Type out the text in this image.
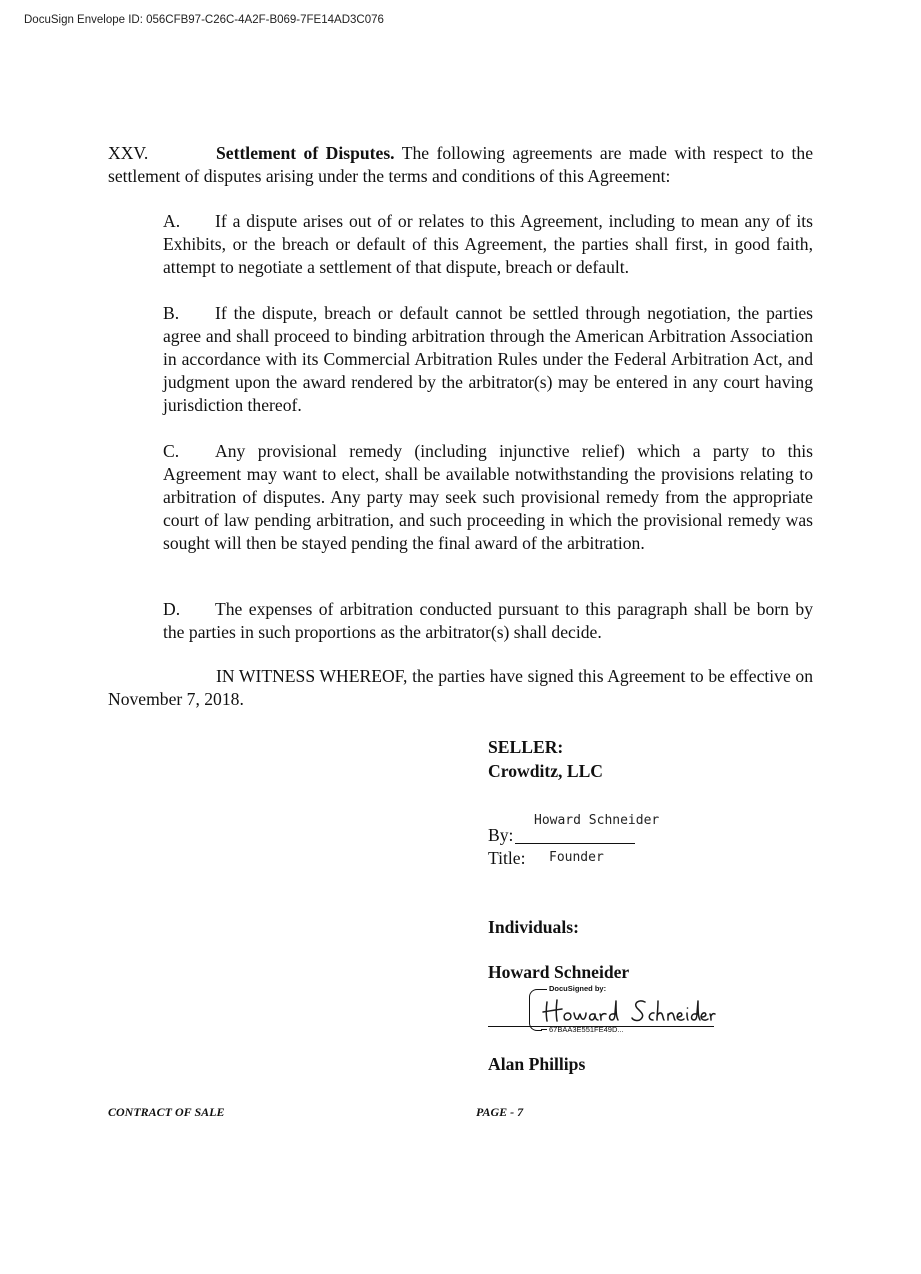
DocuSign Envelope ID: 056CFB97-C26C-4A2F-B069-7FE14AD3C076
XXV.	Settlement of Disputes. The following agreements are made with respect to the settlement of disputes arising under the terms and conditions of this Agreement:
A. If a dispute arises out of or relates to this Agreement, including to mean any of its Exhibits, or the breach or default of this Agreement, the parties shall first, in good faith, attempt to negotiate a settlement of that dispute, breach or default.
B. If the dispute, breach or default cannot be settled through negotiation, the parties agree and shall proceed to binding arbitration through the American Arbitration Association in accordance with its Commercial Arbitration Rules under the Federal Arbitration Act, and judgment upon the award rendered by the arbitrator(s) may be entered in any court having jurisdiction thereof.
C. Any provisional remedy (including injunctive relief) which a party to this Agreement may want to elect, shall be available notwithstanding the provisions relating to arbitration of disputes. Any party may seek such provisional remedy from the appropriate court of law pending arbitration, and such proceeding in which the provisional remedy was sought will then be stayed pending the final award of the arbitration.
D. The expenses of arbitration conducted pursuant to this paragraph shall be born by the parties in such proportions as the arbitrator(s) shall decide.
IN WITNESS WHEREOF, the parties have signed this Agreement to be effective on November 7, 2018.
SELLER:
Crowditz, LLC
Howard Schneider
By:
Title: Founder
Individuals:
Howard Schneider
DocuSigned by:
67BAA3E551FE49D...
Alan Phillips
CONTRACT OF SALE	PAGE - 7
